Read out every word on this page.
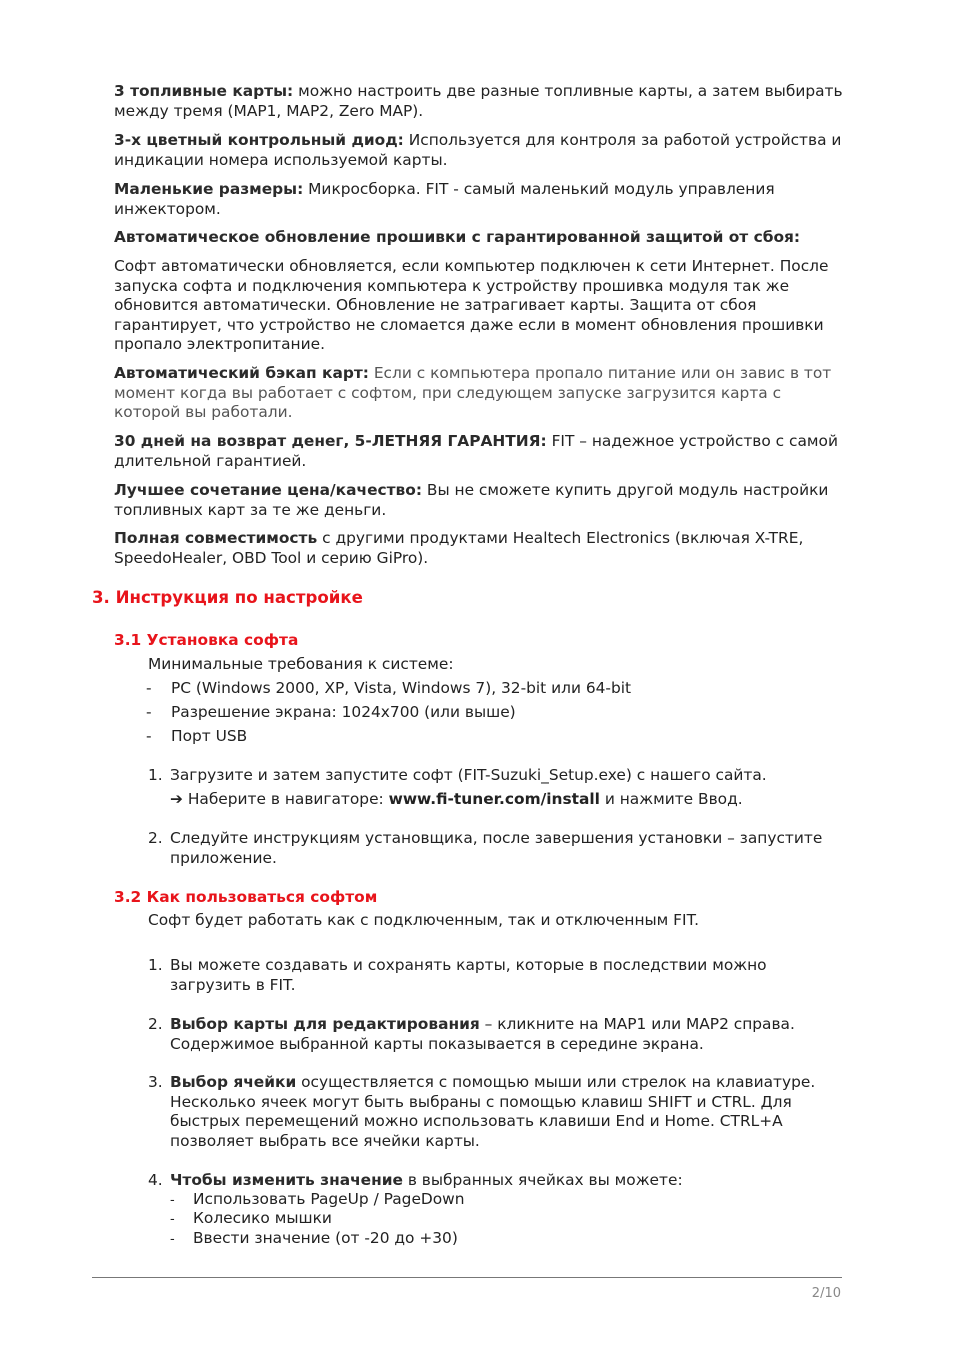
3 топливные карты: можно настроить две разные топливные карты, а затем выбирать между тремя (MAP1, MAP2, Zero MAP).

3-х цветный контрольный диод: Используется для контроля за работой устройства и индикации номера используемой карты.

Маленькие размеры: Микросборка. FIT - самый маленький модуль управления инжектором.

Автоматическое обновление прошивки с гарантированной защитой от сбоя:

Софт автоматически обновляется, если компьютер подключен к сети Интернет. После запуска софта и подключения компьютера к устройству прошивка модуля так же обновится автоматически. Обновление не затрагивает карты. Защита от сбоя гарантирует, что устройство не сломается даже если в момент обновления прошивки пропало электропитание.

Автоматический бэкап карт: Если с компьютера пропало питание или он завис в тот момент когда вы работает с софтом, при следующем запуске загрузится карта с которой вы работали.

30 дней на возврат денег, 5-ЛЕТНЯЯ ГАРАНТИЯ: FIT – надежное устройство с самой длительной гарантией.

Лучшее сочетание цена/качество: Вы не сможете купить другой модуль настройки топливных карт за те же деньги.

Полная совместимость с другими продуктами Healtech Electronics (включая X-TRE, SpeedoHealer, OBD Tool и серию GiPro).

3. Инструкция по настройке

3.1 Установка софта

Минимальные требования к системе:

- PC (Windows 2000, XP, Vista, Windows 7), 32-bit или 64-bit

- Разрешение экрана: 1024x700 (или выше)

- Порт USB

1. Загрузите и затем запустите софт (FIT-Suzuki_Setup.exe) с нашего сайта.

➔ Наберите в навигаторе: www.fi-tuner.com/install и нажмите Ввод.

2. Следуйте инструкциям установщика, после завершения установки – запустите приложение.

3.2 Как пользоваться софтом

Софт будет работать как с подключенным, так и отключенным FIT.

1. Вы можете создавать и сохранять карты, которые в последствии можно загрузить в FIT.

2. Выбор карты для редактирования – кликните на MAP1 или MAP2 справа. Содержимое выбранной карты показывается в середине экрана.

3. Выбор ячейки осуществляется с помощью мыши или стрелок на клавиатуре. Несколько ячеек могут быть выбраны с помощью клавиш SHIFT и CTRL. Для быстрых перемещений можно использовать клавиши End и Home. CTRL+A позволяет выбрать все ячейки карты.

4. Чтобы изменить значение в выбранных ячейках вы можете:

- Использовать PageUp / PageDown

- Колесико мышки

- Ввести значение (от -20 до +30)

2/10
